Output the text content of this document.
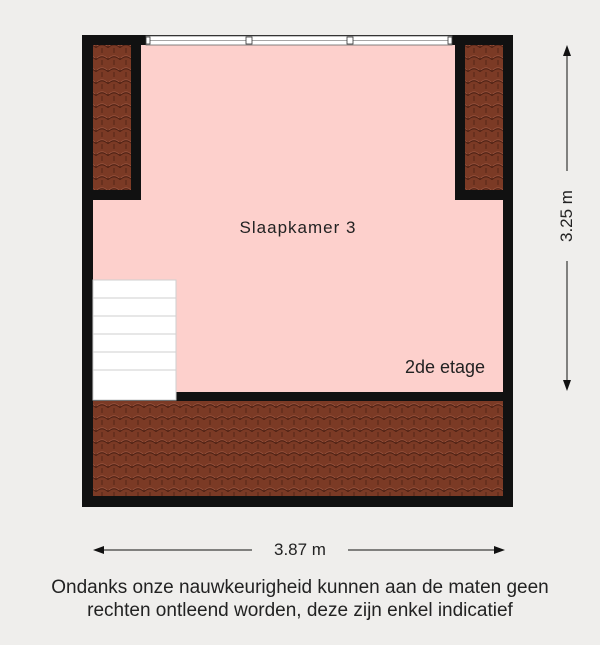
Slaapkamer 3
2de etage
3.87 m
3.25 m
Ondanks onze nauwkeurigheid kunnen aan de maten geen
rechten ontleend worden, deze zijn enkel indicatief
